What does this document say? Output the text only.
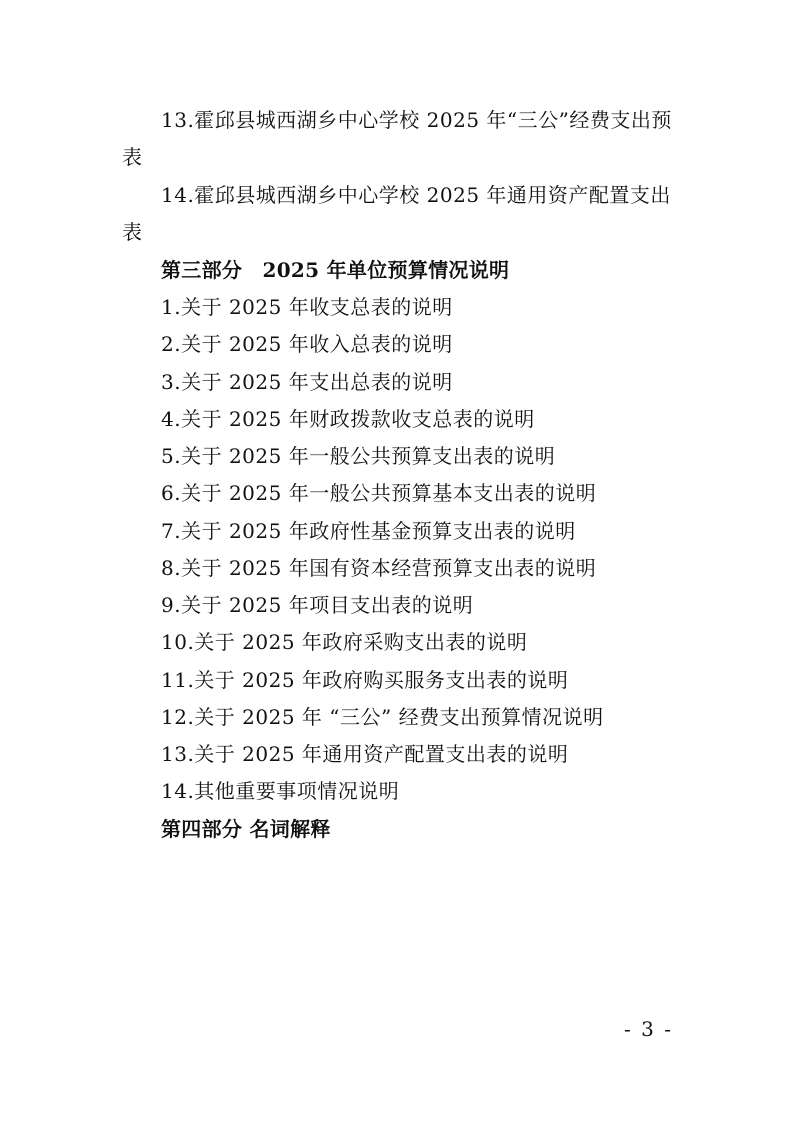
13.霍邱县城西湖乡中心学校 2025 年“三公”经费支出预
表
14.霍邱县城西湖乡中心学校 2025 年通用资产配置支出
表
第三部分　2025 年单位预算情况说明
1.关于 2025 年收支总表的说明
2.关于 2025 年收入总表的说明
3.关于 2025 年支出总表的说明
4.关于 2025 年财政拨款收支总表的说明
5.关于 2025 年一般公共预算支出表的说明
6.关于 2025 年一般公共预算基本支出表的说明
7.关于 2025 年政府性基金预算支出表的说明
8.关于 2025 年国有资本经营预算支出表的说明
9.关于 2025 年项目支出表的说明
10.关于 2025 年政府采购支出表的说明
11.关于 2025 年政府购买服务支出表的说明
12.关于 2025 年 “三公” 经费支出预算情况说明
13.关于 2025 年通用资产配置支出表的说明
14.其他重要事项情况说明
第四部分 名词解释
- 3 -
